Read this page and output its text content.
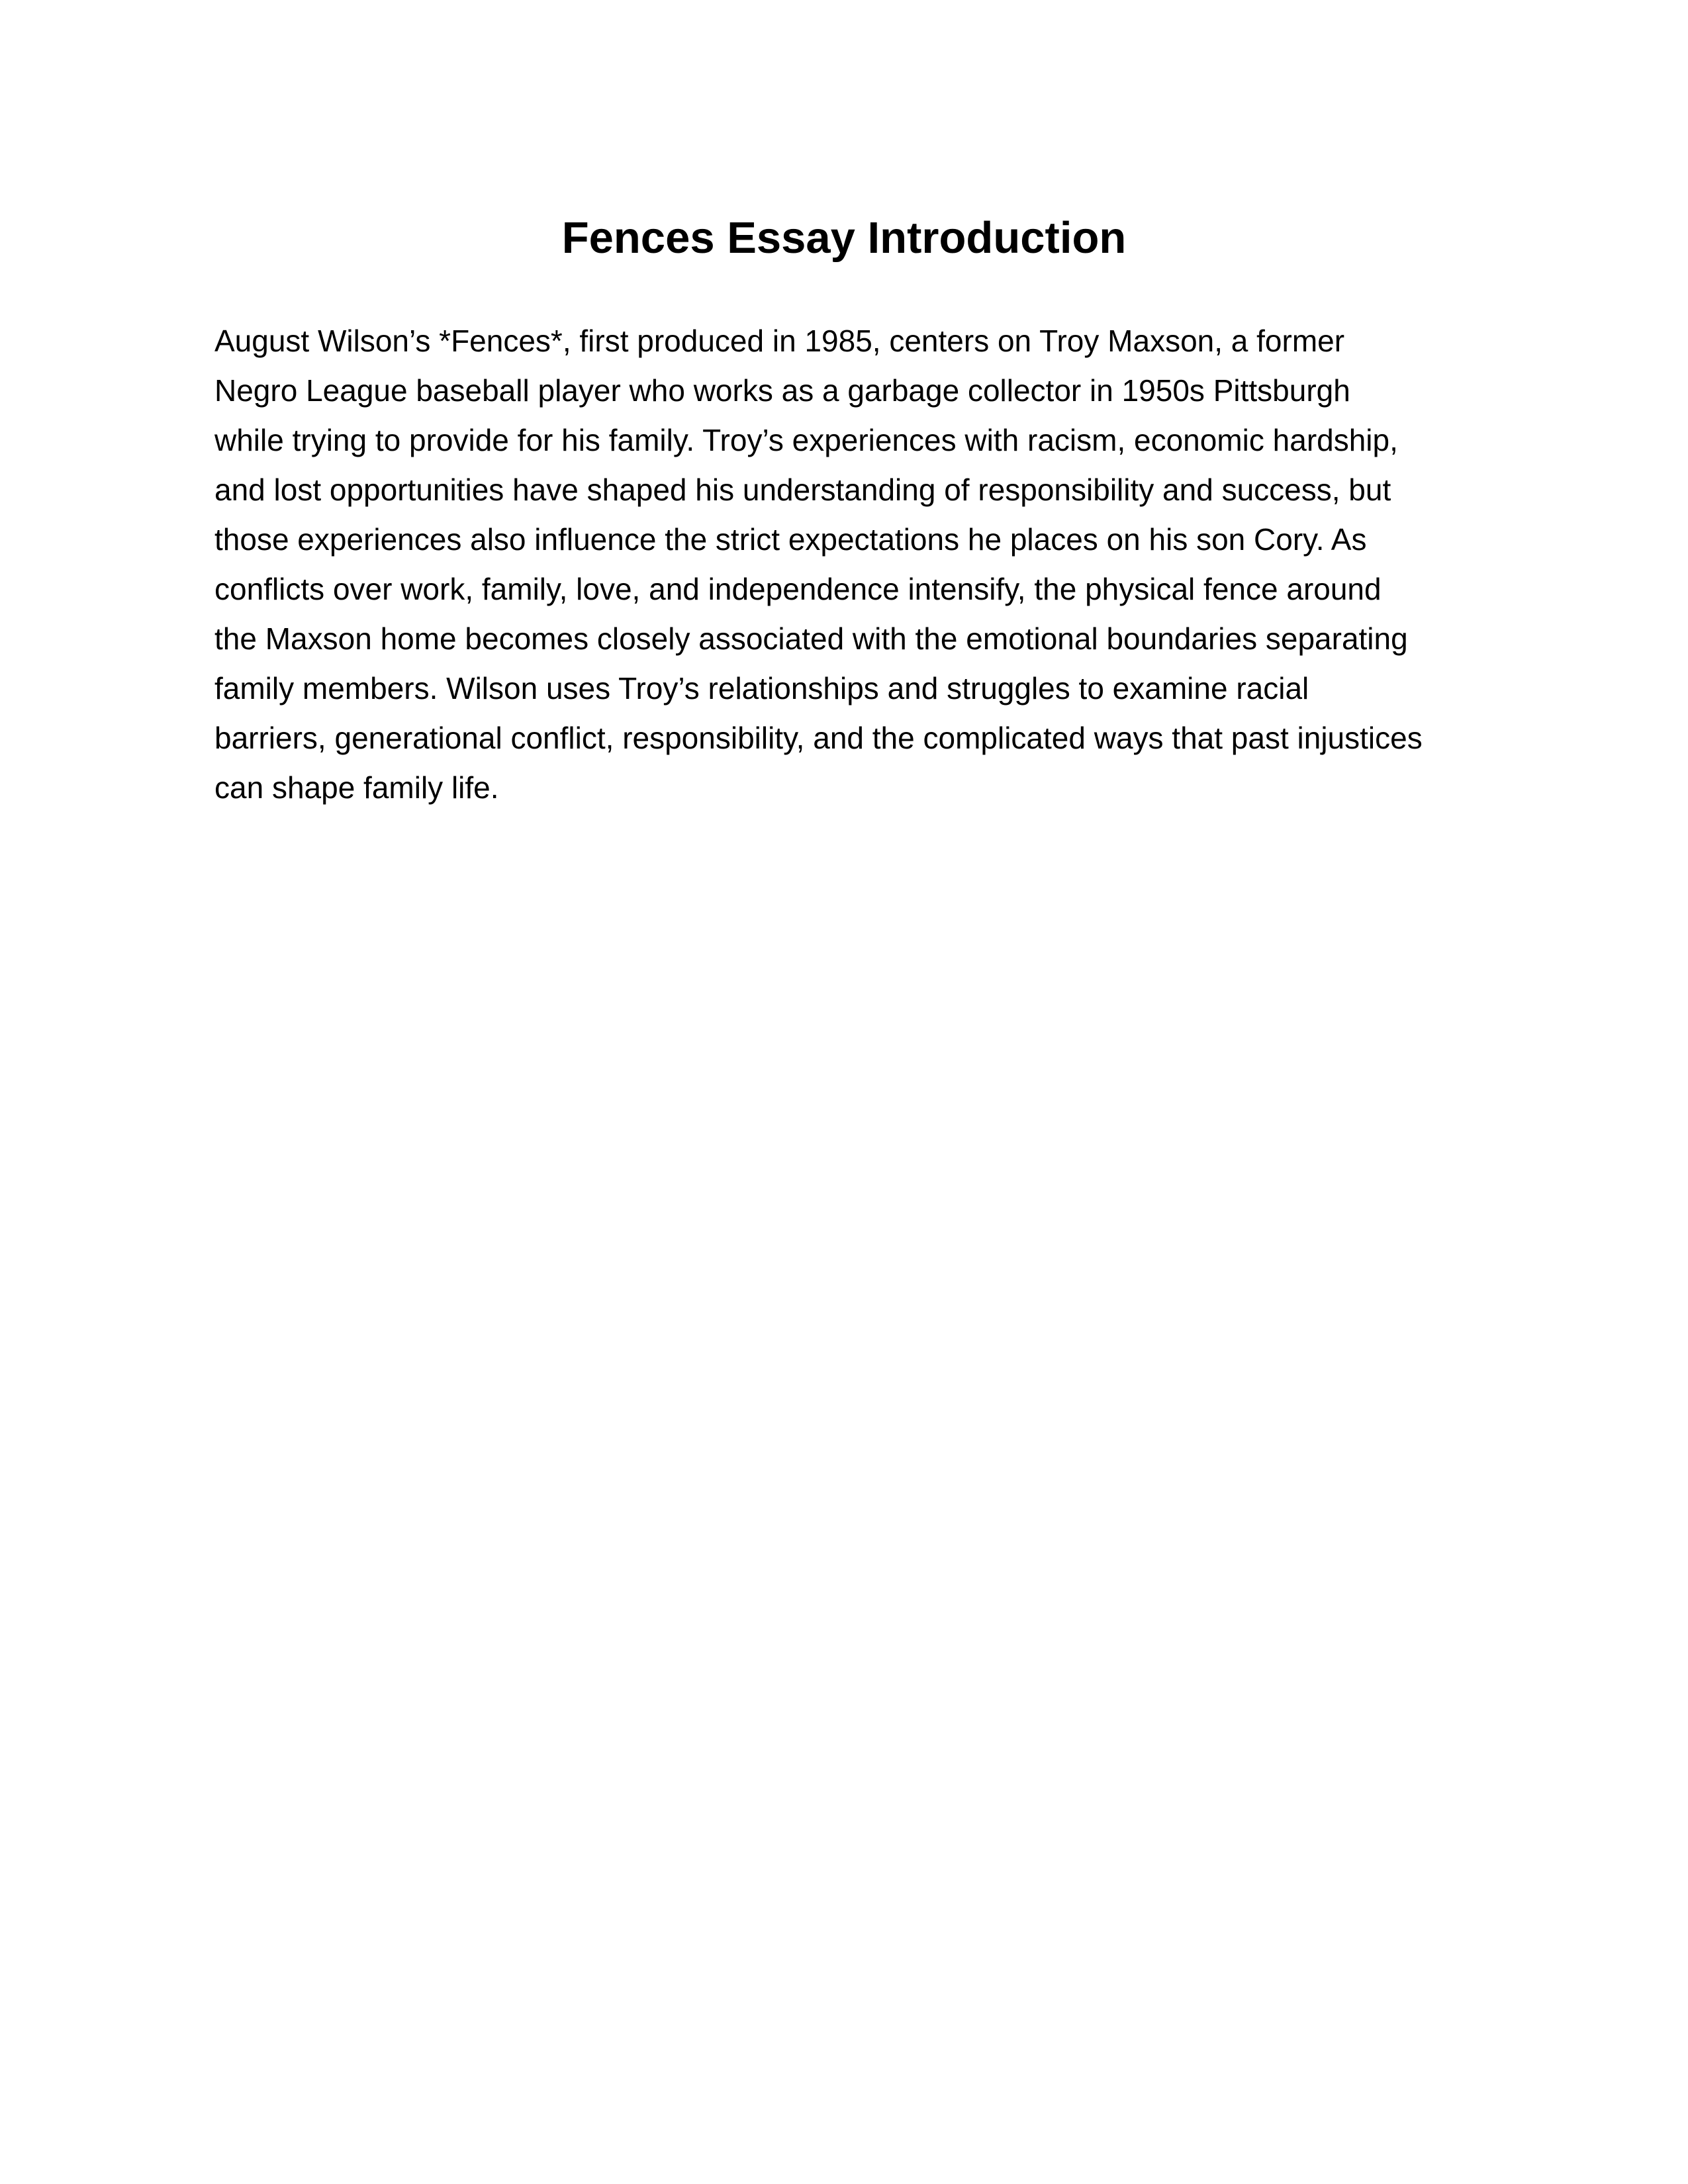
Fences Essay Introduction
August Wilson’s *Fences*, first produced in 1985, centers on Troy Maxson, a former
Negro League baseball player who works as a garbage collector in 1950s Pittsburgh
while trying to provide for his family. Troy’s experiences with racism, economic hardship,
and lost opportunities have shaped his understanding of responsibility and success, but
those experiences also influence the strict expectations he places on his son Cory. As
conflicts over work, family, love, and independence intensify, the physical fence around
the Maxson home becomes closely associated with the emotional boundaries separating
family members. Wilson uses Troy’s relationships and struggles to examine racial
barriers, generational conflict, responsibility, and the complicated ways that past injustices
can shape family life.
